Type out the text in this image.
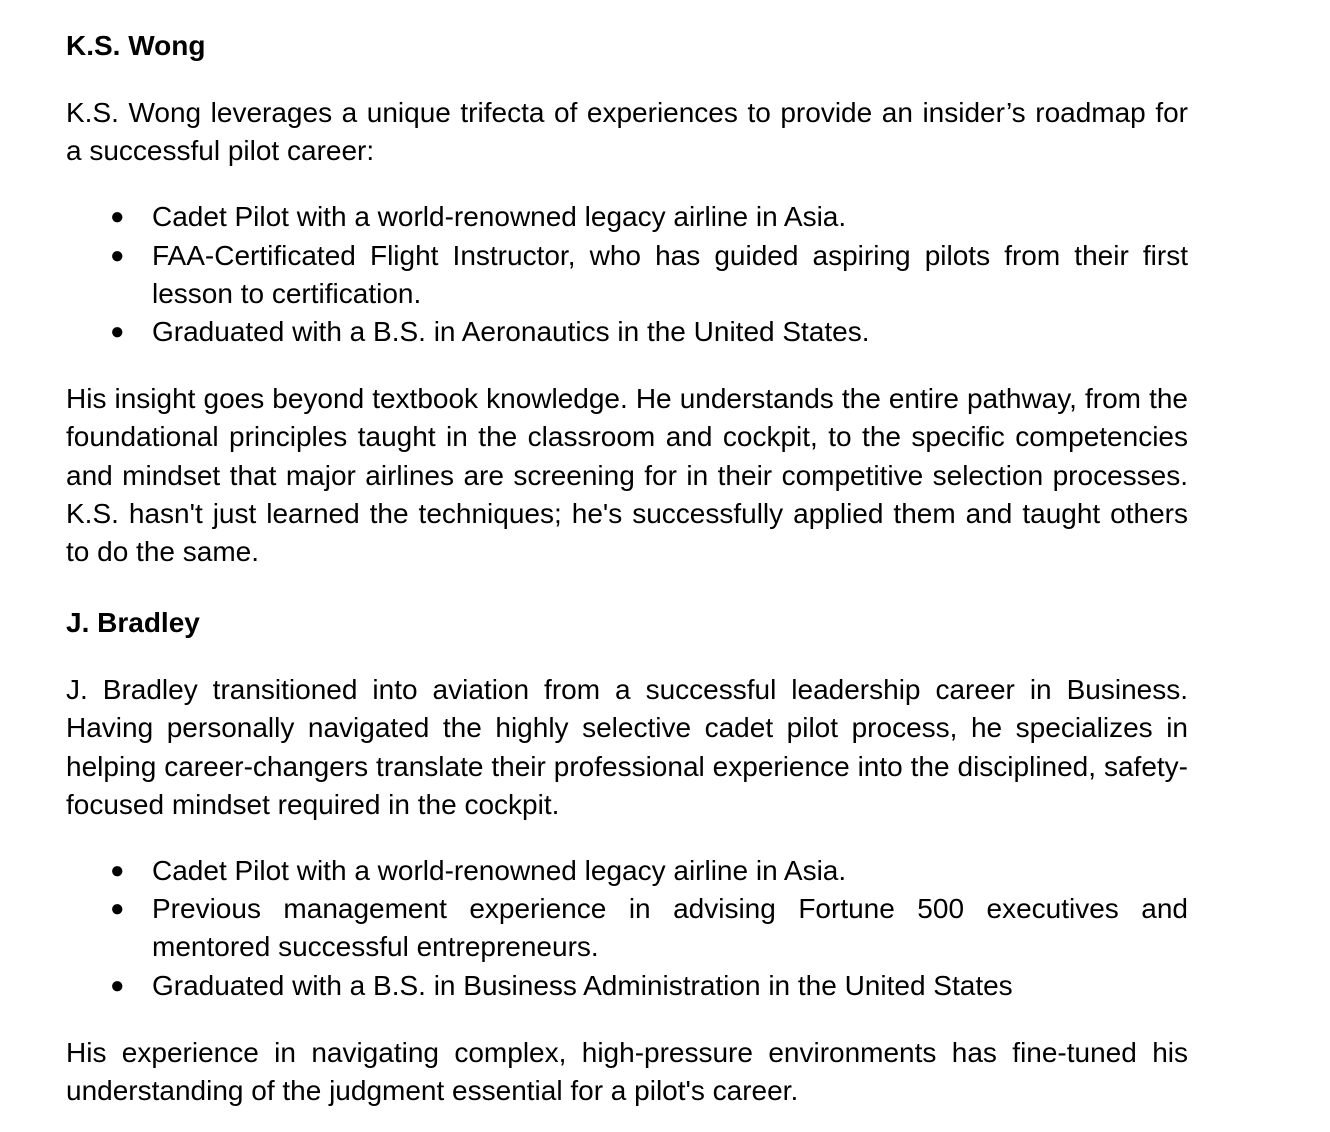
K.S. Wong

K.S. Wong leverages a unique trifecta of experiences to provide an insider’s roadmap for a successful pilot career:

● Cadet Pilot with a world-renowned legacy airline in Asia.
● FAA-Certificated Flight Instructor, who has guided aspiring pilots from their first lesson to certification.
● Graduated with a B.S. in Aeronautics in the United States.

His insight goes beyond textbook knowledge. He understands the entire pathway, from the foundational principles taught in the classroom and cockpit, to the specific competencies and mindset that major airlines are screening for in their competitive selection processes. K.S. hasn't just learned the techniques; he's successfully applied them and taught others to do the same.

J. Bradley

J. Bradley transitioned into aviation from a successful leadership career in Business. Having personally navigated the highly selective cadet pilot process, he specializes in helping career-changers translate their professional experience into the disciplined, safety-focused mindset required in the cockpit.

● Cadet Pilot with a world-renowned legacy airline in Asia.
● Previous management experience in advising Fortune 500 executives and mentored successful entrepreneurs.
● Graduated with a B.S. in Business Administration in the United States

His experience in navigating complex, high-pressure environments has fine-tuned his understanding of the judgment essential for a pilot's career.
